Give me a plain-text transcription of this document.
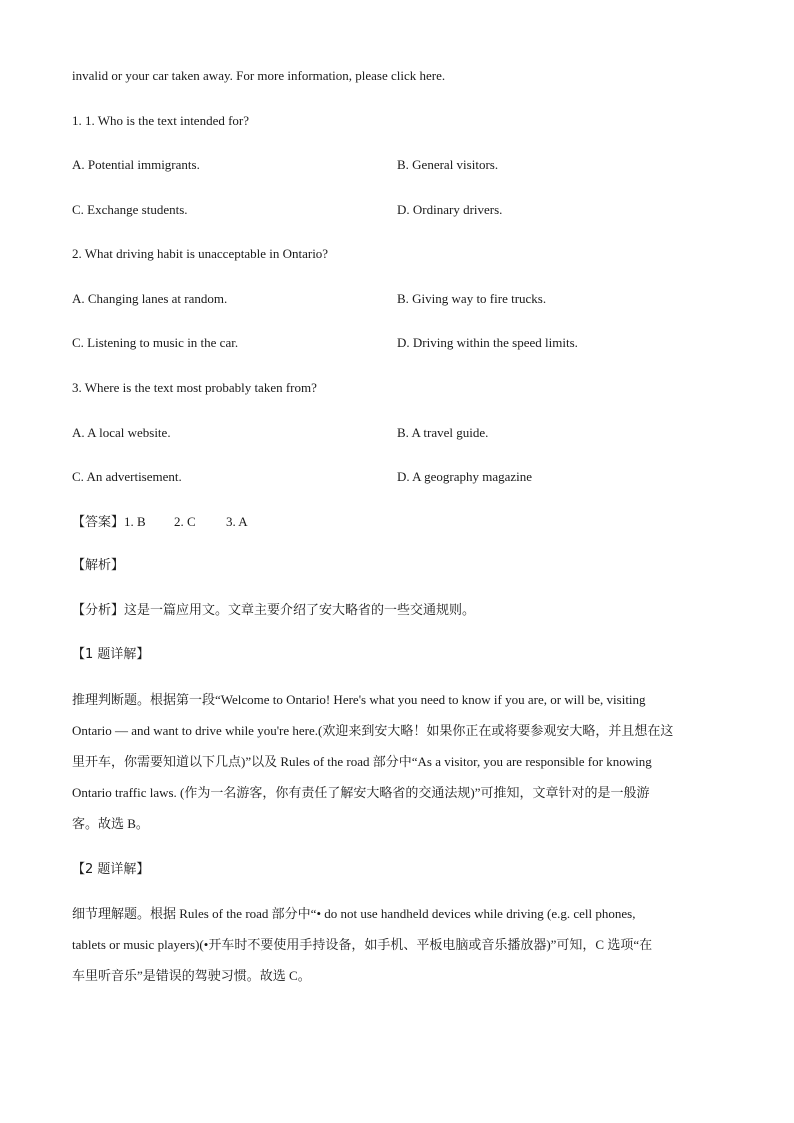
invalid or your car taken away. For more information, please click here.
1. 1. Who is the text intended for?
A. Potential immigrants.	B. General visitors.
C. Exchange students.	D. Ordinary drivers.
2. What driving habit is unacceptable in Ontario?
A. Changing lanes at random.	B. Giving way to fire trucks.
C. Listening to music in the car.	D. Driving within the speed limits.
3. Where is the text most probably taken from?
A. A local website.	B. A travel guide.
C. An advertisement.	D. A geography magazine
【答案】1. B 2. C 3. A
【解析】
【分析】这是一篇应用文。文章主要介绍了安大略省的一些交通规则。
【1 题详解】
推理判断题。根据第一段“Welcome to Ontario! Here's what you need to know if you are, or will be, visiting
Ontario — and want to drive while you're here.(欢迎来到安大略！如果你正在或将要参观安大略，并且想在这
里开车，你需要知道以下几点)”以及 Rules of the road 部分中“As a visitor, you are responsible for knowing
Ontario traffic laws. (作为一名游客，你有责任了解安大略省的交通法规)”可推知，文章针对的是一般游
客。故选 B。
【2 题详解】
细节理解题。根据 Rules of the road 部分中“• do not use handheld devices while driving (e.g. cell phones,
tablets or music players)(•开车时不要使用手持设备，如手机、平板电脑或音乐播放器)”可知，C 选项“在
车里听音乐”是错误的驾驶习惯。故选 C。
